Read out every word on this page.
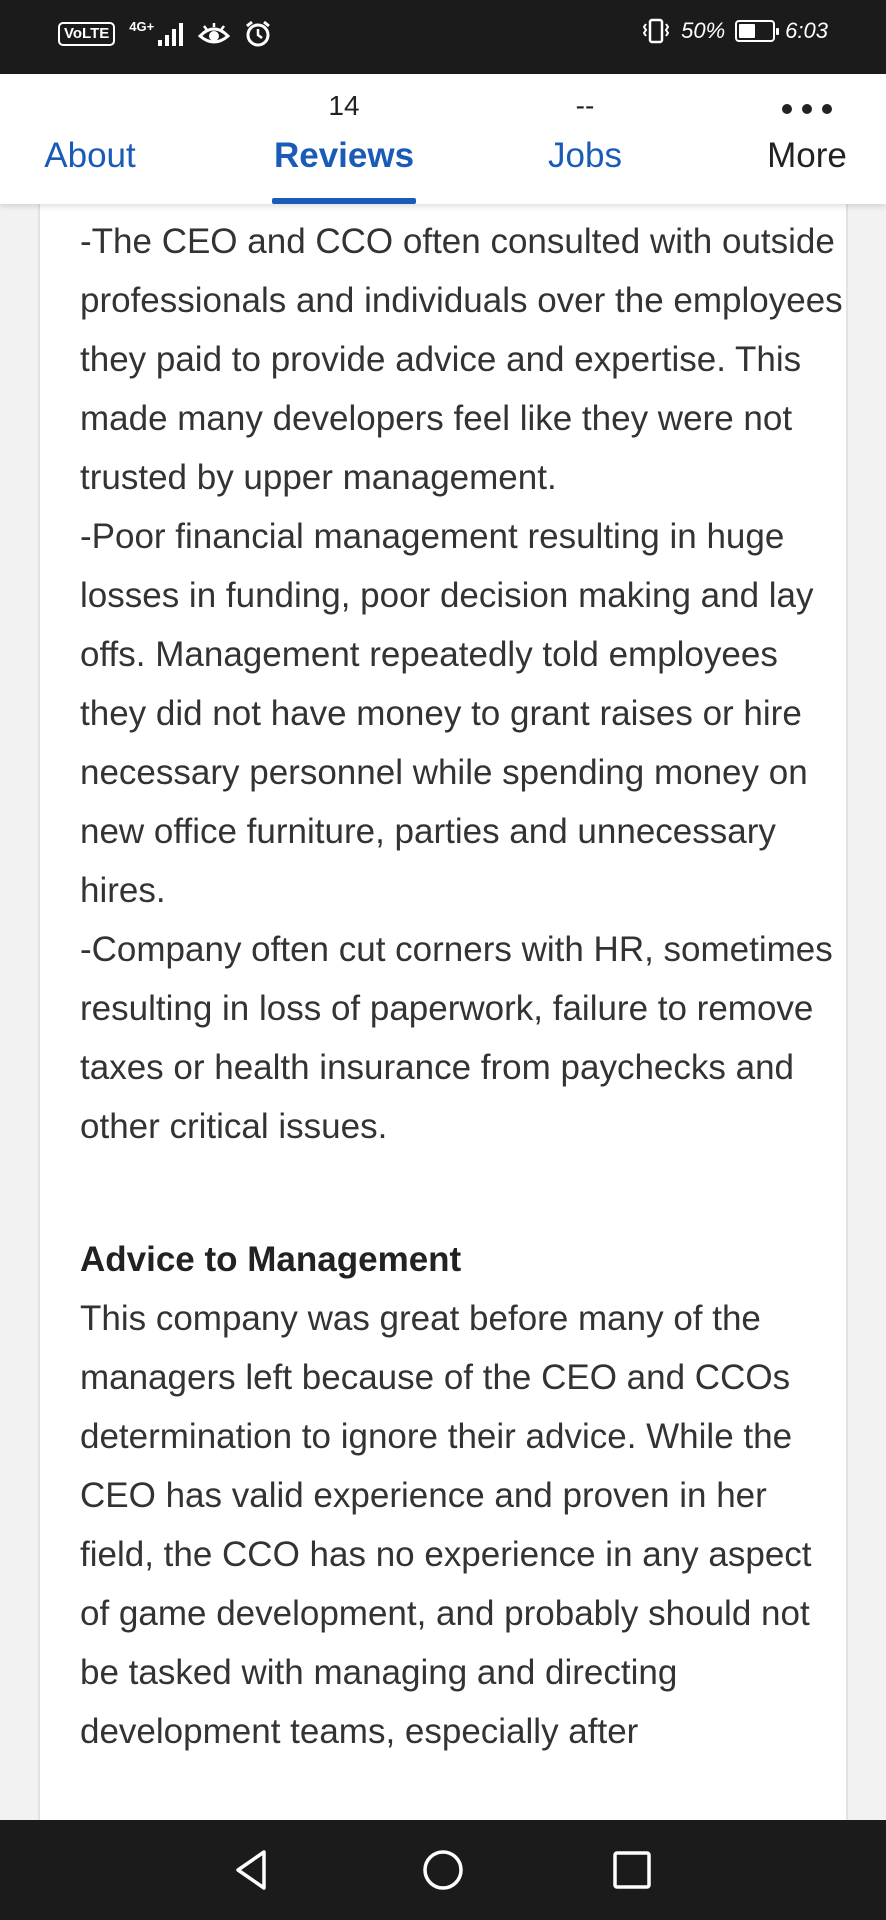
VoLTE	4G+	50%	6:03
About
14
Reviews
--
Jobs	More

-The CEO and CCO often consulted with outside professionals and individuals over the employees they paid to provide advice and expertise. This made many developers feel like they were not trusted by upper management.

-Poor financial management resulting in huge losses in funding, poor decision making and lay offs. Management repeatedly told employees they did not have money to grant raises or hire necessary personnel while spending money on new office furniture, parties and unnecessary hires.

-Company often cut corners with HR, sometimes resulting in loss of paperwork, failure to remove taxes or health insurance from paychecks and other critical issues.

Advice to Management

This company was great before many of the managers left because of the CEO and CCOs determination to ignore their advice. While the CEO has valid experience and proven in her field, the CCO has no experience in any aspect of game development, and probably should not be tasked with managing and directing development teams, especially after
